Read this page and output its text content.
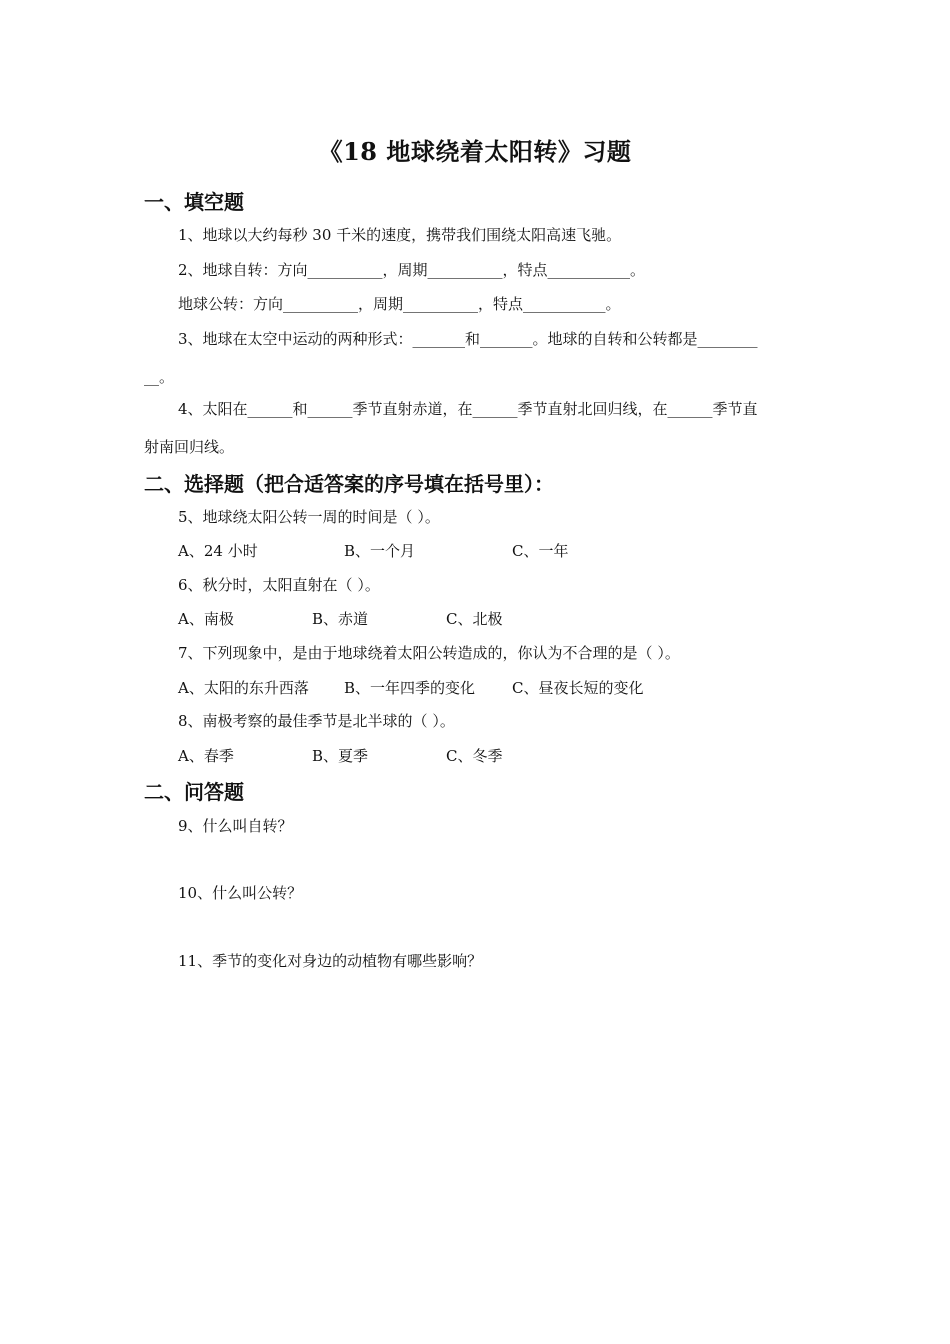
《18 地球绕着太阳转》习题
一、填空题
1、地球以大约每秒 30 千米的速度，携带我们围绕太阳高速飞驰。
2、地球自转：方向__________，周期__________，特点___________。
地球公转：方向__________，周期__________，特点___________。
3、地球在太空中运动的两种形式：_______和_______。地球的自转和公转都是________
__。
4、太阳在______和______季节直射赤道，在______季节直射北回归线，在______季节直
射南回归线。
二、选择题（把合适答案的序号填在括号里）：
5、地球绕太阳公转一周的时间是（ ）。
A、24 小时	B、一个月	C、一年
6、秋分时，太阳直射在（ ）。
A、南极	B、赤道	C、北极
7、下列现象中，是由于地球绕着太阳公转造成的，你认为不合理的是（ ）。
A、太阳的东升西落 B、一年四季的变化 C、昼夜长短的变化
8、南极考察的最佳季节是北半球的（ ）。
A、春季	B、夏季	C、冬季
二、问答题
9、什么叫自转？
10、什么叫公转？
11、季节的变化对身边的动植物有哪些影响？
